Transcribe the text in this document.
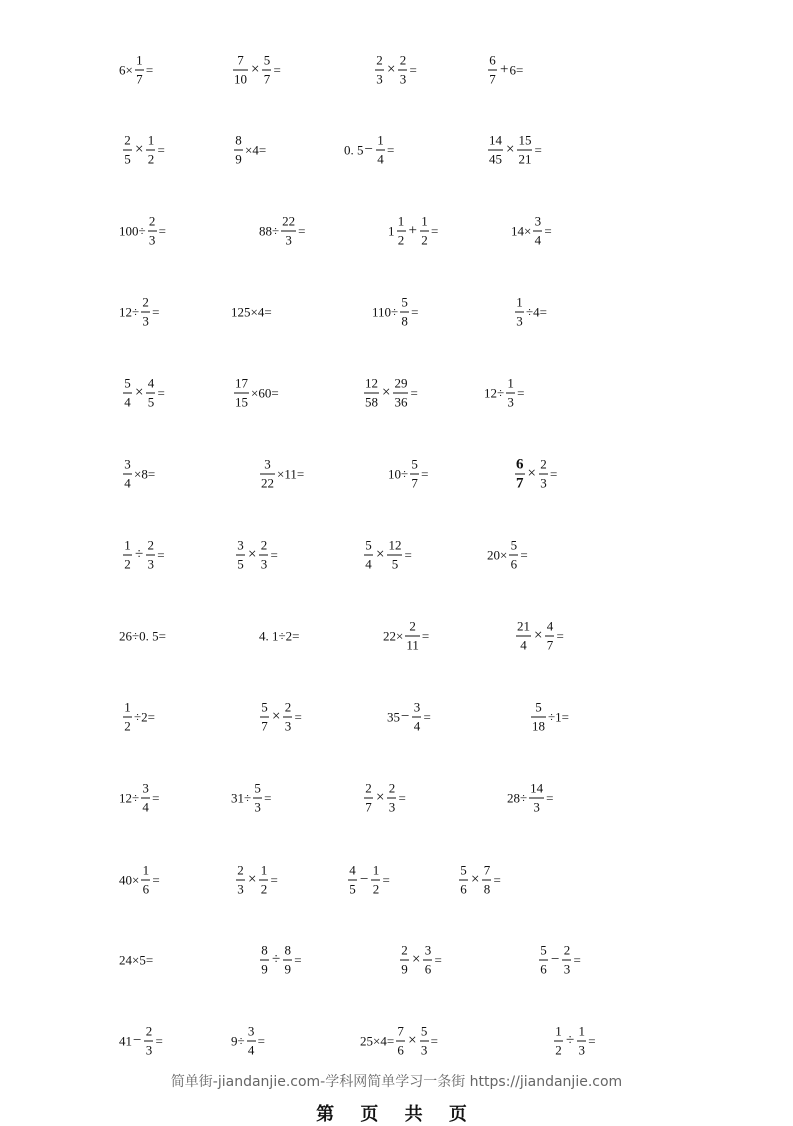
$6\times \frac{1}{7}$ =	$\frac{7}{10} \times \frac{5}{7}$ =	$\frac{2}{3} \times \frac{2}{3}$ =	$\frac{6}{7} + 6=$
$\frac{2}{5} \times \frac{1}{2}$ =	$\frac{8}{9} \times 4=$	0. $5 - \frac{1}{4}$ =	$\frac{14}{45} \times \frac{15}{21}$ =
$100\div \frac{2}{3}$ =	$88\div \frac{22}{3}$ =	$1 \frac{1}{2} + \frac{1}{2}$ =	$14\times \frac{3}{4}$ =
$12\div \frac{2}{3}$ =	125×4=	$110\div \frac{5}{8}$ =	$\frac{1}{3} \div 4=$
$\frac{5}{4} \times \frac{4}{5}$ =	$\frac{17}{15} \times 60=$	$\frac{12}{58} \times \frac{29}{36}$ =	$12\div \frac{1}{3}$ =
$\frac{3}{4} \times 8=$	$\frac{3}{22} \times 11=$	$10\div \frac{5}{7}$ =	$\frac{6}{7} \times \frac{2}{3}$ =
$\frac{1}{2} \div \frac{2}{3}$ =	$\frac{3}{5} \times \frac{2}{3}$ =	$\frac{5}{4} \times \frac{12}{5}$ =	$20\times \frac{5}{6}$ =
26÷0. 5=	4. 1÷2=	$22\times \frac{2}{11}$ =	$\frac{21}{4} \times \frac{4}{7}$ =
$\frac{1}{2} \div 2=$	$\frac{5}{7} \times \frac{2}{3}$ =	$35 - \frac{3}{4}$ =	$\frac{5}{18} \div 1=$
$12\div \frac{3}{4}$ =	$31\div \frac{5}{3}$ =	$\frac{2}{7} \times \frac{2}{3}$ =	$28\div \frac{14}{3}$ =
$40\times \frac{1}{6}$ =	$\frac{2}{3} \times \frac{1}{2}$ =	$\frac{4}{5} - \frac{1}{2}$ =	$\frac{5}{6} \times \frac{7}{8}$ =
24×5=	$\frac{8}{9} \div \frac{8}{9}$ =	$\frac{2}{9} \times \frac{3}{6}$ =	$\frac{5}{6} - \frac{2}{3}$ =
$41 - \frac{2}{3}$ =	$9\div \frac{3}{4}$ =	$25\times 4= \frac{7}{6} \times \frac{5}{3}$ =	$\frac{1}{2} \div \frac{1}{3}$ =
简单街-jiandanjie.com-学科网简单学习一条街 https://jiandanjie.com
第 页 共 页
